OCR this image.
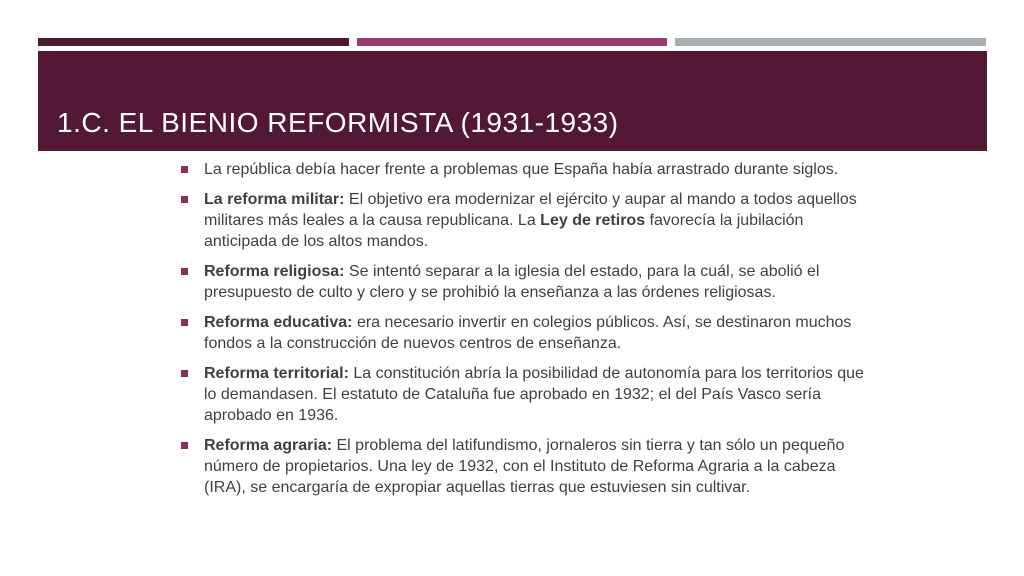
1.C. EL BIENIO REFORMISTA (1931-1933)
La república debía hacer frente a problemas que España había arrastrado durante siglos.
La reforma militar: El objetivo era modernizar el ejército y aupar al mando a todos aquellos militares más leales a la causa republicana. La Ley de retiros favorecía la jubilación anticipada de los altos mandos.
Reforma religiosa: Se intentó separar a la iglesia del estado, para la cuál, se abolió el presupuesto de culto y clero y se prohibió la enseñanza a las órdenes religiosas.
Reforma educativa: era necesario invertir en colegios públicos. Así, se destinaron muchos fondos a la construcción de nuevos centros de enseñanza.
Reforma territorial: La constitución abría la posibilidad de autonomía para los territorios que lo demandasen. El estatuto de Cataluña fue aprobado en 1932; el del País Vasco sería aprobado en 1936.
Reforma agraria: El problema del latifundismo, jornaleros sin tierra y tan sólo un pequeño número de propietarios. Una ley de 1932, con el Instituto de Reforma Agraria a la cabeza (IRA), se encargaría de expropiar aquellas tierras que estuviesen sin cultivar.
